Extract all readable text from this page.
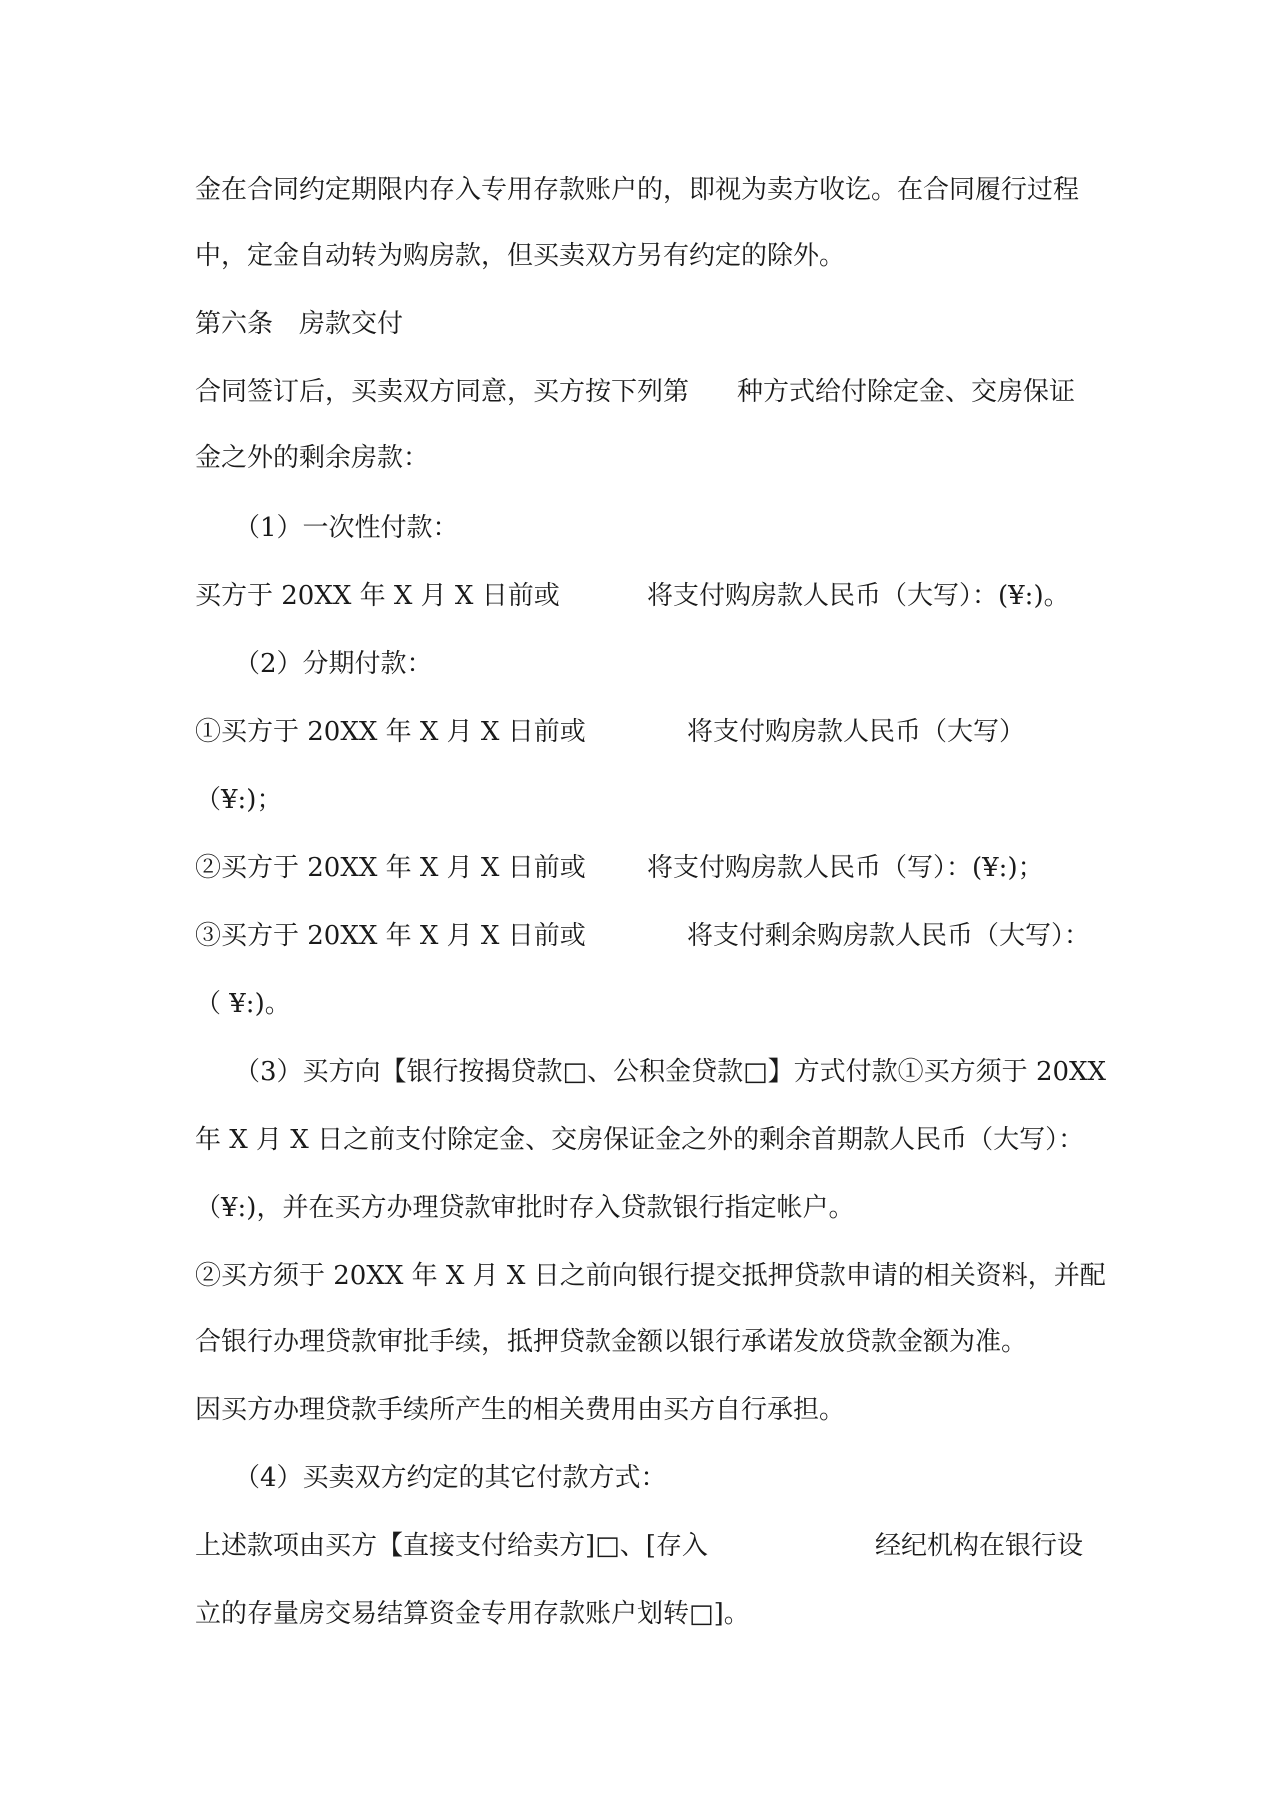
金在合同约定期限内存入专用存款账户的，即视为卖方收讫。在合同履行过程
中，定金自动转为购房款，但买卖双方另有约定的除外。
第六条　房款交付

合同签订后，买卖双方同意，买方按下列第

种方式给付除定金、交房保证

金之外的剩余房款：
（1）一次性付款：

买方于 20XX 年 X 月 X 日前或

	将支付购房款人民币（大写）：(¥:)。

（2）分期付款：

①买方于 20XX 年 X 月 X 日前或

	将支付购房款人民币（大写）

（¥:)；

②买方于 20XX 年 X 月 X 日前或

将支付购房款人民币（写）：(¥:)；

③买方于 20XX 年 X 月 X 日前或

	将支付剩余购房款人民币（大写）：

（ ¥:)。
（3）买方向【银行按揭贷款□、公积金贷款□】方式付款①买方须于 20XX
年 X 月 X 日之前支付除定金、交房保证金之外的剩余首期款人民币（大写）：
（¥:)，并在买方办理贷款审批时存入贷款银行指定帐户。
②买方须于 20XX 年 X 月 X 日之前向银行提交抵押贷款申请的相关资料，并配
合银行办理贷款审批手续，抵押贷款金额以银行承诺发放贷款金额为准。
因买方办理贷款手续所产生的相关费用由买方自行承担。
（4）买卖双方约定的其它付款方式：

上述款项由买方【直接支付给卖方]□、[存入

	经纪机构在银行设

立的存量房交易结算资金专用存款账户划转□]。
